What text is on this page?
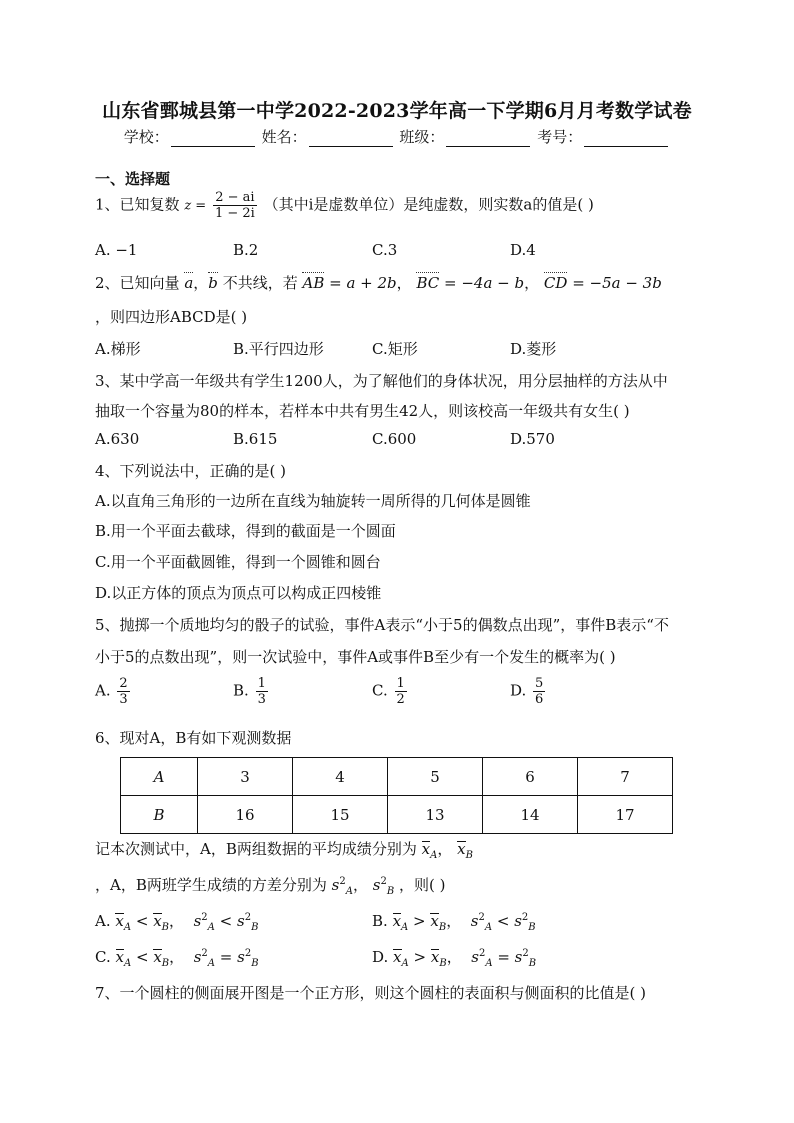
山东省鄄城县第一中学2022-2023学年高一下学期6月月考数学试卷
学校：	姓名：	班级：	考号：
一、选择题
1、已知复数 $z = \frac{2 - ai}{1 - 2i}$ （其中i是虚数单位）是纯虚数，则实数a的值是( )
A. −1	B.2	C.3	D.4
2、已知向量 a，b 不共线，若 AB = a + 2b， BC = −4a − b， CD = −5a − 3b
，则四边形ABCD是( )
A.梯形	B.平行四边形	C.矩形	D.菱形
3、某中学高一年级共有学生1200人，为了解他们的身体状况，用分层抽样的方法从中
抽取一个容量为80的样本，若样本中共有男生42人，则该校高一年级共有女生( )
A.630	B.615	C.600	D.570
4、下列说法中，正确的是( )
A.以直角三角形的一边所在直线为轴旋转一周所得的几何体是圆锥
B.用一个平面去截球，得到的截面是一个圆面
C.用一个平面截圆锥，得到一个圆锥和圆台
D.以正方体的顶点为顶点可以构成正四棱锥
5、抛掷一个质地均匀的骰子的试验，事件A表示“小于5的偶数点出现”，事件B表示“不
小于5的点数出现”，则一次试验中，事件A或事件B至少有一个发生的概率为( )
A. $\frac{2}{3}$	B. $\frac{1}{3}$	C. $\frac{1}{2}$	D. $\frac{5}{6}$
6、现对A，B有如下观测数据
A	3	4	5	6	7
B	16	15	13	14	17
记本次测试中，A，B两组数据的平均成绩分别为 $x_A$， $x_B$
，A，B两班学生成绩的方差分别为 $s^2_A$， $s^2_B$ ，则( )
A. $x_A < x_B$，  $s^2_A < s^2_B$	B. $x_A > x_B$，  $s^2_A < s^2_B$
C. $x_A < x_B$，  $s^2_A = s^2_B$	D. $x_A > x_B$，  $s^2_A = s^2_B$
7、一个圆柱的侧面展开图是一个正方形，则这个圆柱的表面积与侧面积的比值是( )
